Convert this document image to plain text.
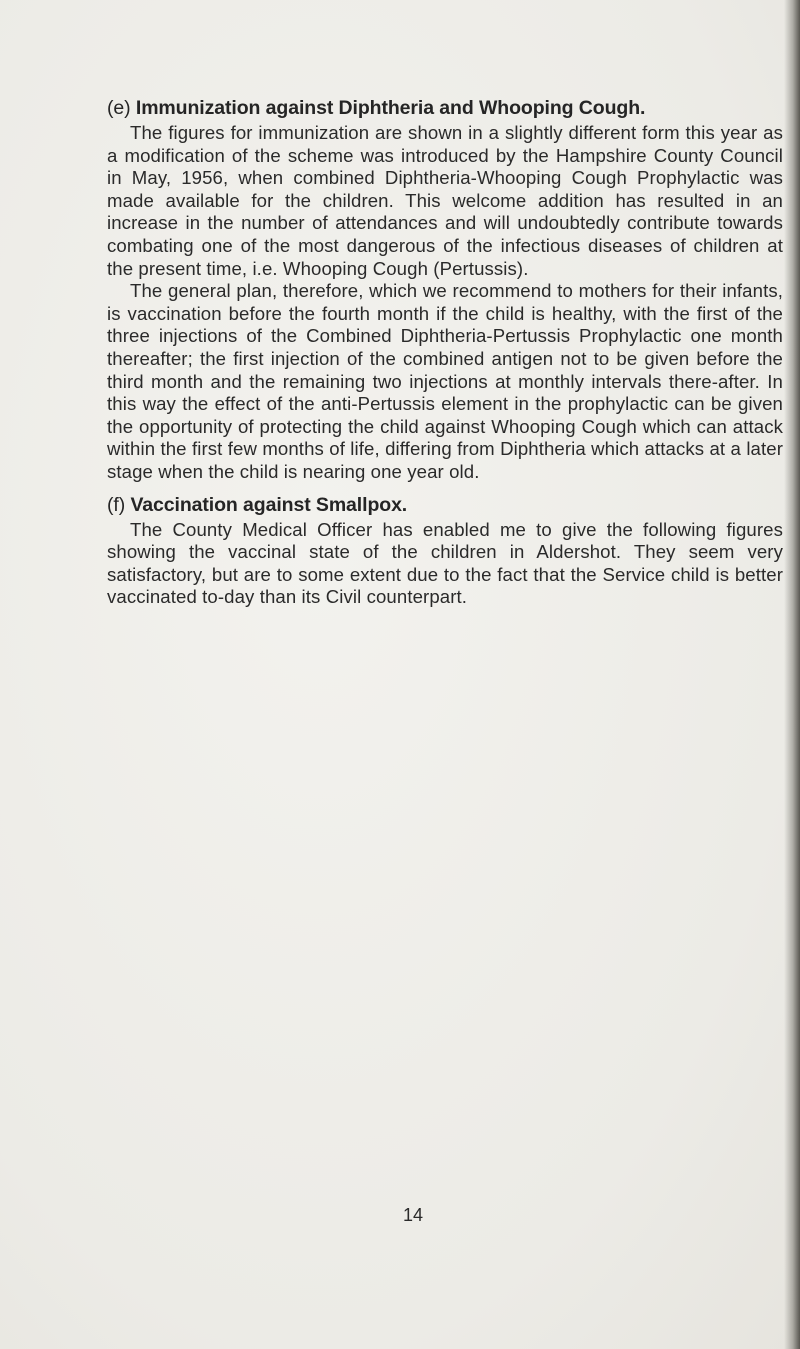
(e) Immunization against Diphtheria and Whooping Cough.

The figures for immunization are shown in a slightly different form this year as a modification of the scheme was introduced by the Hampshire County Council in May, 1956, when combined Diphtheria-Whooping Cough Prophylactic was made available for the children. This welcome addition has resulted in an increase in the number of attendances and will undoubtedly contribute towards combating one of the most dangerous of the infectious diseases of children at the present time, i.e. Whooping Cough (Pertussis).

The general plan, therefore, which we recommend to mothers for their infants, is vaccination before the fourth month if the child is healthy, with the first of the three injections of the Combined Diphtheria-Pertussis Prophylactic one month thereafter; the first injection of the combined antigen not to be given before the third month and the remaining two injections at monthly intervals there-after. In this way the effect of the anti-Pertussis element in the prophylactic can be given the opportunity of protecting the child against Whooping Cough which can attack within the first few months of life, differing from Diphtheria which attacks at a later stage when the child is nearing one year old.

(f) Vaccination against Smallpox.

The County Medical Officer has enabled me to give the following figures showing the vaccinal state of the children in Aldershot. They seem very satisfactory, but are to some extent due to the fact that the Service child is better vaccinated to-day than its Civil counterpart.

14
